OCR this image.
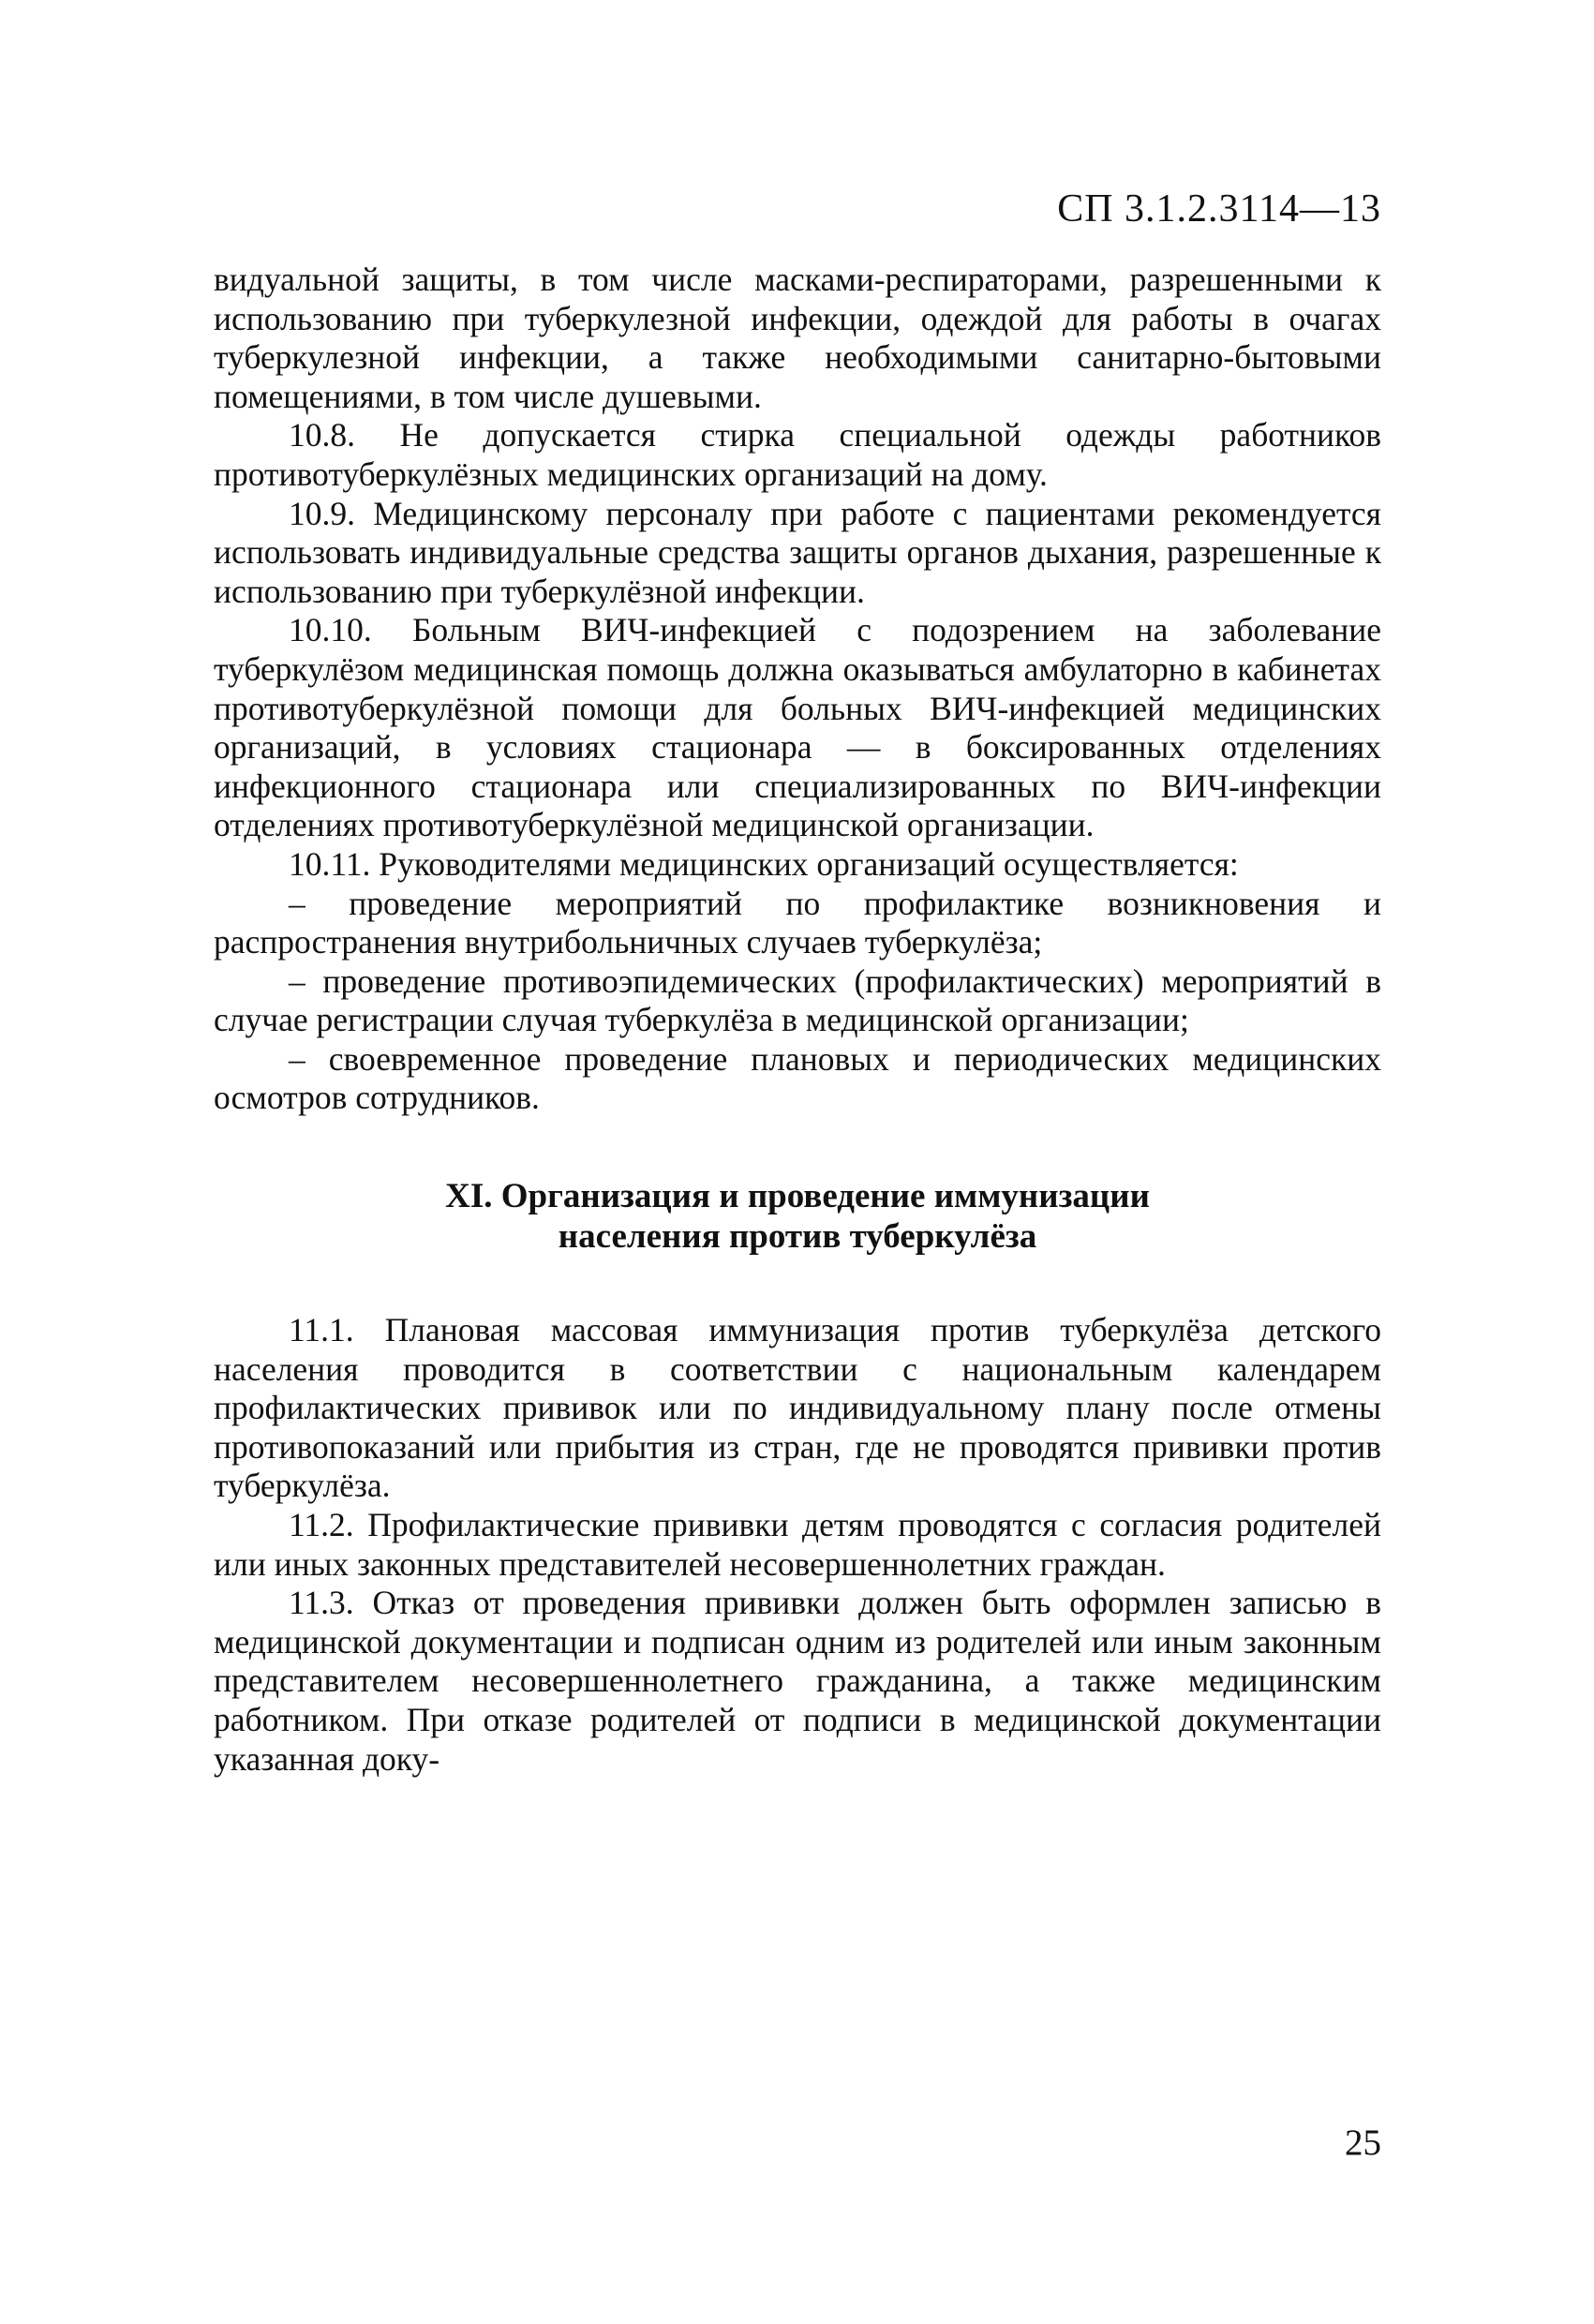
СП 3.1.2.3114—13

видуальной защиты, в том числе масками-респираторами, разрешенными к использованию при туберкулезной инфекции, одеждой для работы в очагах туберкулезной инфекции, а также необходимыми санитарно-бытовыми помещениями, в том числе душевыми.

10.8. Не допускается стирка специальной одежды работников противотуберкулёзных медицинских организаций на дому.

10.9. Медицинскому персоналу при работе с пациентами рекомендуется использовать индивидуальные средства защиты органов дыхания, разрешенные к использованию при туберкулёзной инфекции.

10.10. Больным ВИЧ-инфекцией с подозрением на заболевание туберкулёзом медицинская помощь должна оказываться амбулаторно в кабинетах противотуберкулёзной помощи для больных ВИЧ-инфекцией медицинских организаций, в условиях стационара — в боксированных отделениях инфекционного стационара или специализированных по ВИЧ-инфекции отделениях противотуберкулёзной медицинской организации.

10.11. Руководителями медицинских организаций осуществляется:

– проведение мероприятий по профилактике возникновения и распространения внутрибольничных случаев туберкулёза;

– проведение противоэпидемических (профилактических) мероприятий в случае регистрации случая туберкулёза в медицинской организации;

– своевременное проведение плановых и периодических медицинских осмотров сотрудников.

XI. Организация и проведение иммунизации
населения против туберкулёза

11.1. Плановая массовая иммунизация против туберкулёза детского населения проводится в соответствии с национальным календарем профилактических прививок или по индивидуальному плану после отмены противопоказаний или прибытия из стран, где не проводятся прививки против туберкулёза.

11.2. Профилактические прививки детям проводятся с согласия родителей или иных законных представителей несовершеннолетних граждан.

11.3. Отказ от проведения прививки должен быть оформлен записью в медицинской документации и подписан одним из родителей или иным законным представителем несовершеннолетнего гражданина, а также медицинским работником. При отказе родителей от подписи в медицинской документации указанная доку-

25
